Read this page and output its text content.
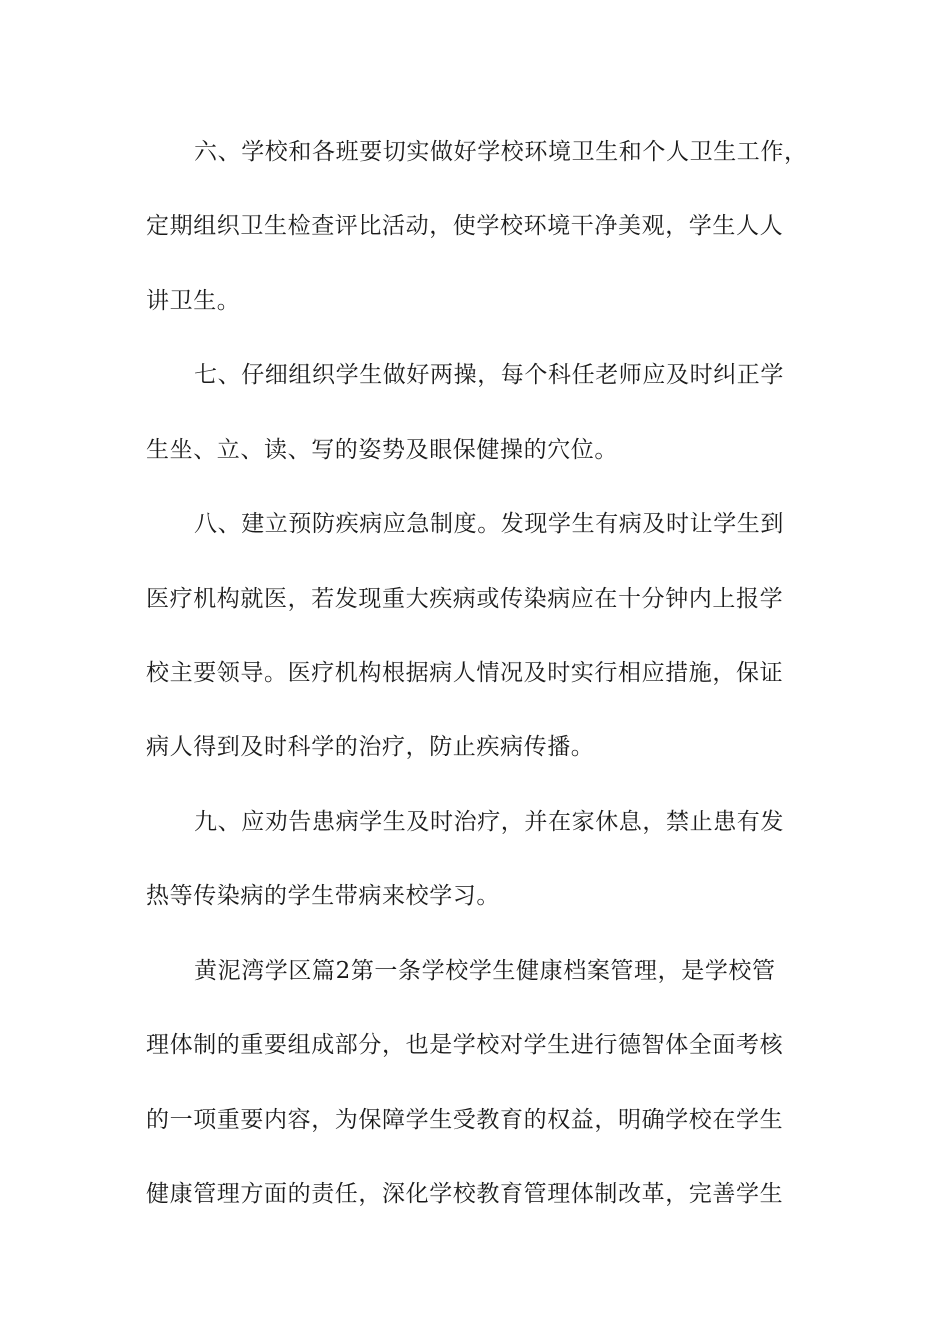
六、学校和各班要切实做好学校环境卫生和个人卫生工作，
定期组织卫生检查评比活动，使学校环境干净美观，学生人人
讲卫生。
七、仔细组织学生做好两操，每个科任老师应及时纠正学
生坐、立、读、写的姿势及眼保健操的穴位。
八、建立预防疾病应急制度。发现学生有病及时让学生到
医疗机构就医，若发现重大疾病或传染病应在十分钟内上报学
校主要领导。医疗机构根据病人情况及时实行相应措施，保证
病人得到及时科学的治疗，防止疾病传播。
九、应劝告患病学生及时治疗，并在家休息，禁止患有发
热等传染病的学生带病来校学习。
黄泥湾学区篇2第一条学校学生健康档案管理，是学校管
理体制的重要组成部分，也是学校对学生进行德智体全面考核
的一项重要内容，为保障学生受教育的权益，明确学校在学生
健康管理方面的责任，深化学校教育管理体制改革，完善学生
